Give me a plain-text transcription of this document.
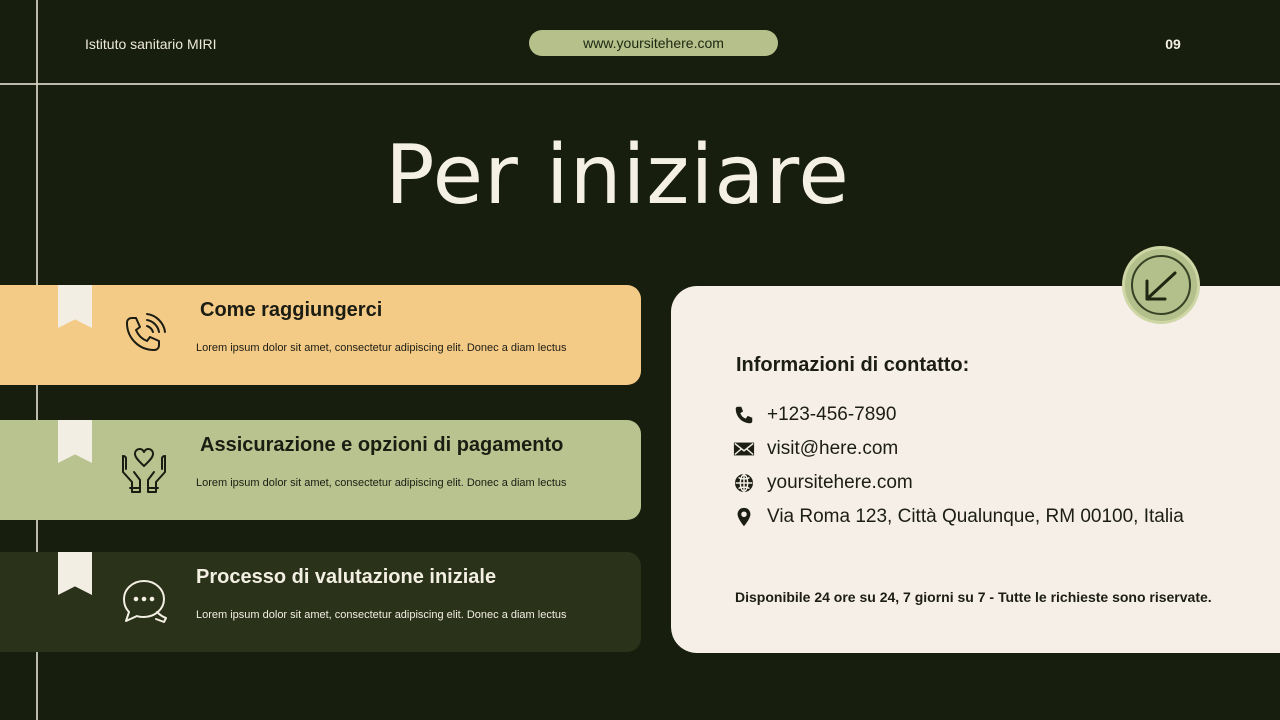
Istituto sanitario MIRI	www.yoursitehere.com	09
Per iniziare
Come raggiungerci
Lorem ipsum dolor sit amet, consectetur adipiscing elit. Donec a diam lectus
Assicurazione e opzioni di pagamento
Lorem ipsum dolor sit amet, consectetur adipiscing elit. Donec a diam lectus
Processo di valutazione iniziale
Lorem ipsum dolor sit amet, consectetur adipiscing elit. Donec a diam lectus
Informazioni di contatto:
+123-456-7890
visit@here.com
yoursitehere.com
Via Roma 123, Città Qualunque, RM 00100, Italia
Disponibile 24 ore su 24, 7 giorni su 7 - Tutte le richieste sono riservate.
